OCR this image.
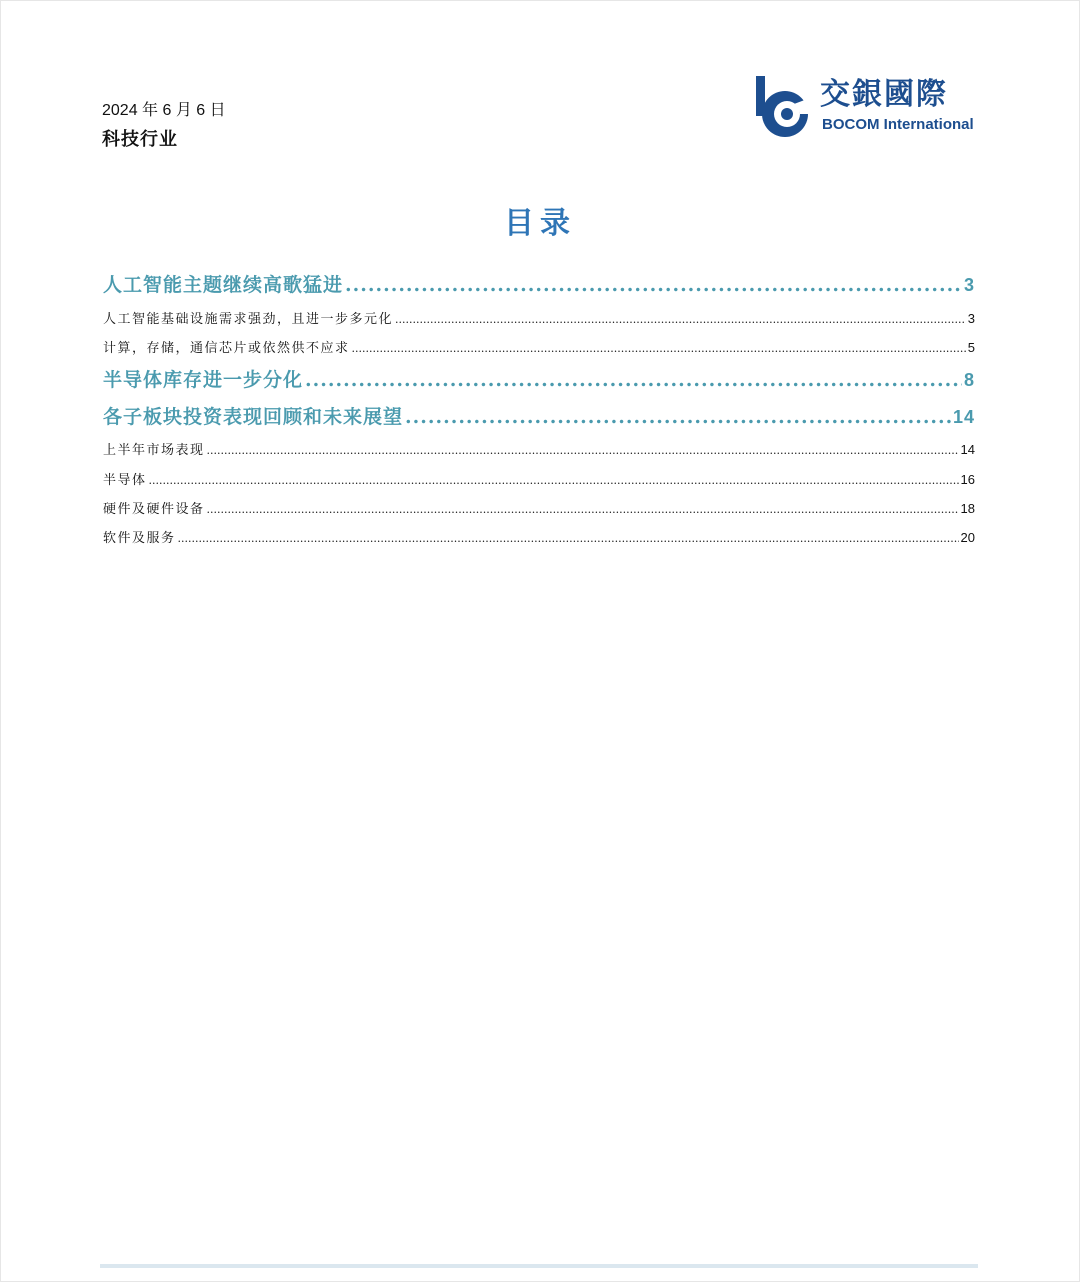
2024 年 6 月 6 日
科技行业
交銀國際
BOCOM International
目录
人工智能主题继续高歌猛进 .....	3
人工智能基础设施需求强劲，且进一步多元化 .....	3
计算，存储，通信芯片或依然供不应求 .....	5
半导体库存进一步分化 .....	8
各子板块投资表现回顾和未来展望 .....	14
上半年市场表现 .....	14
半导体 .....	16
硬件及硬件设备 .....	18
软件及服务 .....	20
